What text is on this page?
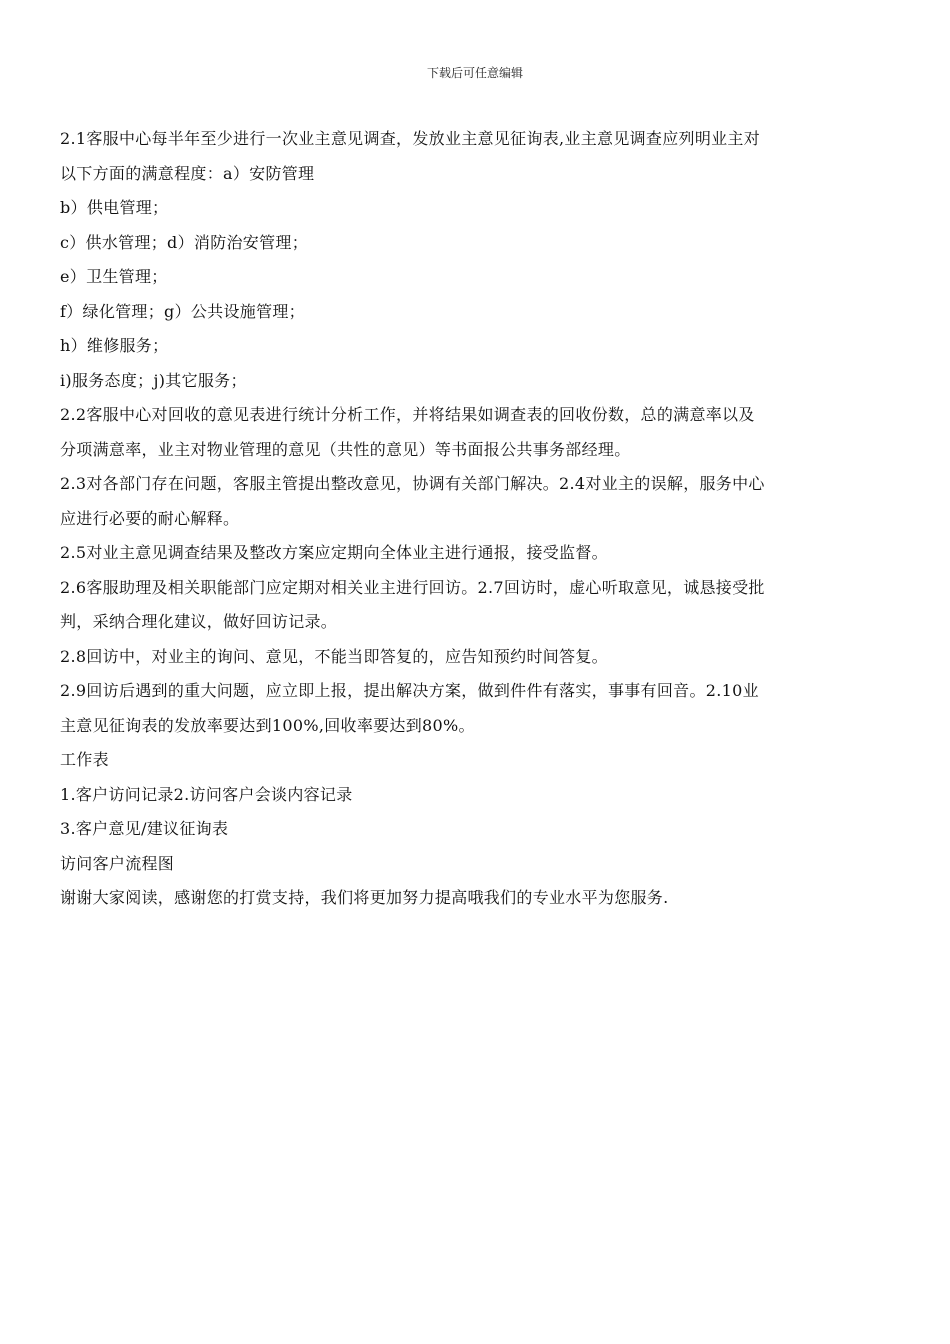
下载后可任意编辑
2.1客服中心每半年至少进行一次业主意见调查，发放业主意见征询表,业主意见调查应列明业主对
以下方面的满意程度：a）安防管理
b）供电管理；
c）供水管理；d）消防治安管理；
e）卫生管理；
f）绿化管理；g）公共设施管理；
h）维修服务；
i)服务态度；j)其它服务；
2.2客服中心对回收的意见表进行统计分析工作，并将结果如调查表的回收份数，总的满意率以及
分项满意率，业主对物业管理的意见（共性的意见）等书面报公共事务部经理。
2.3对各部门存在问题，客服主管提出整改意见，协调有关部门解决。2.4对业主的误解，服务中心
应进行必要的耐心解释。
2.5对业主意见调查结果及整改方案应定期向全体业主进行通报，接受监督。
2.6客服助理及相关职能部门应定期对相关业主进行回访。2.7回访时，虚心听取意见，诚恳接受批
判，采纳合理化建议，做好回访记录。
2.8回访中，对业主的询问、意见，不能当即答复的，应告知预约时间答复。
2.9回访后遇到的重大问题，应立即上报，提出解决方案，做到件件有落实，事事有回音。2.10业
主意见征询表的发放率要达到100%,回收率要达到80%。
工作表
1.客户访问记录2.访问客户会谈内容记录
3.客户意见/建议征询表
访问客户流程图
谢谢大家阅读，感谢您的打赏支持，我们将更加努力提高哦我们的专业水平为您服务.
